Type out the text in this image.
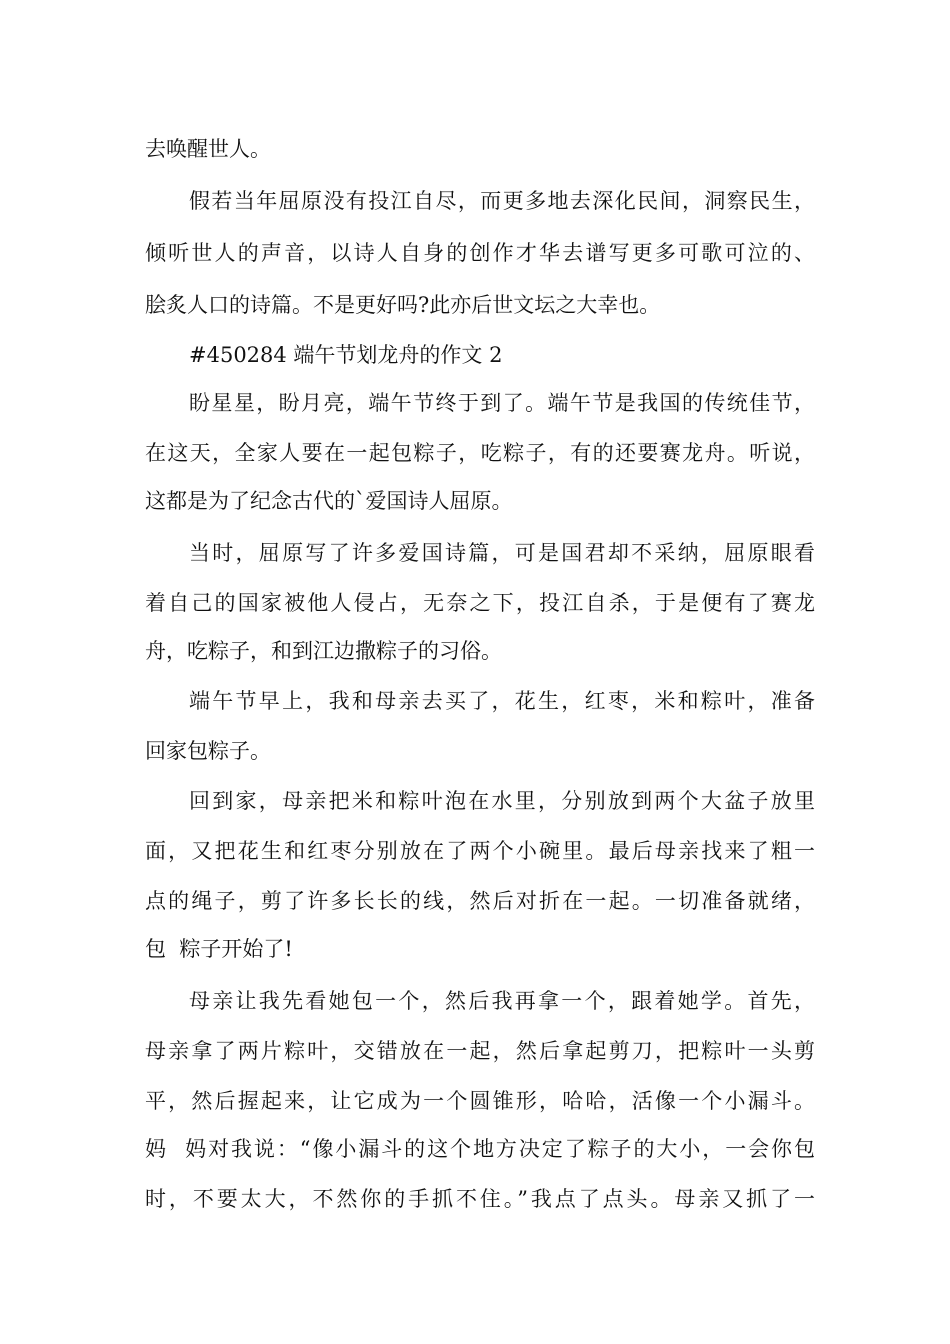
去唤醒世人。
假若当年屈原没有投江自尽，而更多地去深化民间，洞察民生，
倾听世人的声音，以诗人自身的创作才华去谱写更多可歌可泣的、
脍炙人口的诗篇。不是更好吗?此亦后世文坛之大幸也。
#450284 端午节划龙舟的作文 2
盼星星，盼月亮，端午节终于到了。端午节是我国的传统佳节，
在这天，全家人要在一起包粽子，吃粽子，有的还要赛龙舟。听说，
这都是为了纪念古代的`爱国诗人屈原。
当时，屈原写了许多爱国诗篇，可是国君却不采纳，屈原眼看
着自己的国家被他人侵占，无奈之下，投江自杀，于是便有了赛龙
舟，吃粽子，和到江边撒粽子的习俗。
端午节早上，我和母亲去买了，花生，红枣，米和粽叶，准备
回家包粽子。
回到家，母亲把米和粽叶泡在水里，分别放到两个大盆子放里
面，又把花生和红枣分别放在了两个小碗里。最后母亲找来了粗一
点的绳子，剪了许多长长的线，然后对折在一起。一切准备就绪，
包  粽子开始了!
母亲让我先看她包一个，然后我再拿一个，跟着她学。首先，
母亲拿了两片粽叶，交错放在一起，然后拿起剪刀，把粽叶一头剪
平，然后握起来，让它成为一个圆锥形，哈哈，活像一个小漏斗。
妈  妈对我说：“像小漏斗的这个地方决定了粽子的大小，一会你包
时，不要太大，不然你的手抓不住。”我点了点头。母亲又抓了一
